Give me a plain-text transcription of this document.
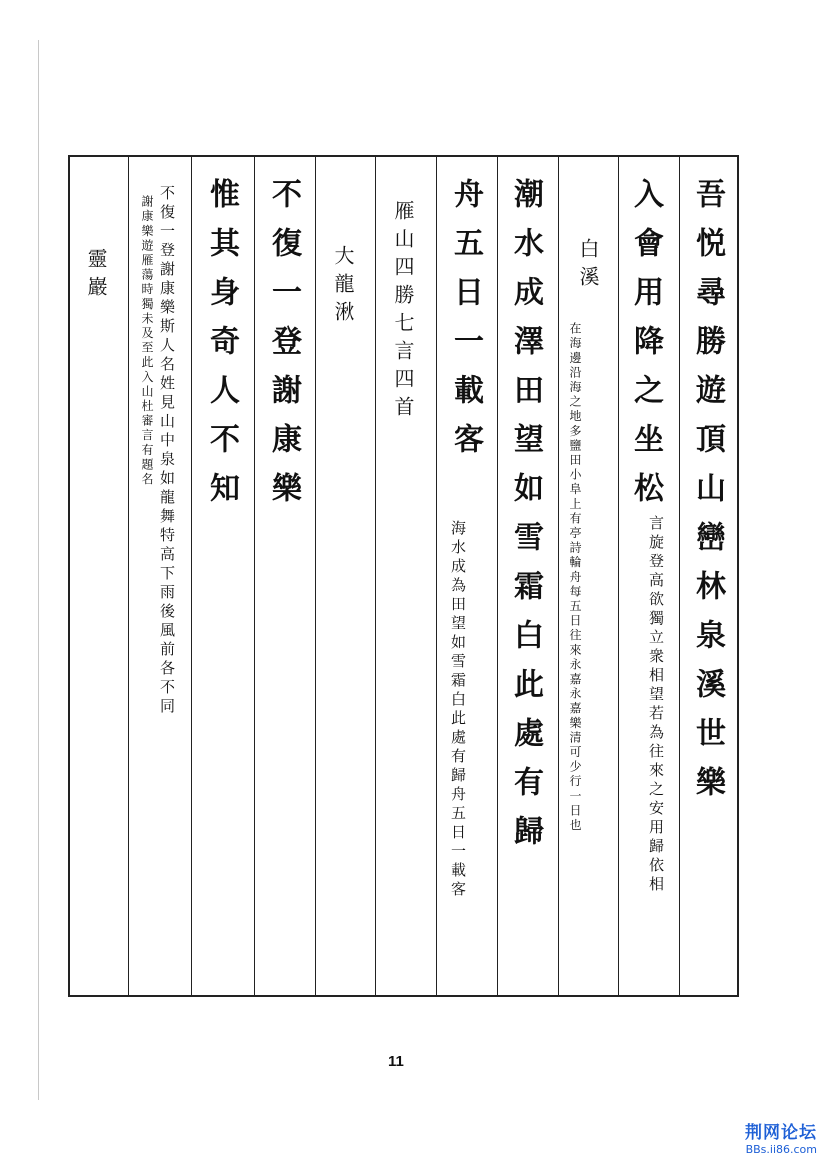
吾悦尋勝遊頂山巒林泉溪世樂
入會用降之坐松
言旋登高欲獨立衆相望若為往來之安用歸依相
白溪
在海邊沿海之地多鹽田小阜上有亭詩輪舟每五日往來永嘉永嘉樂清可少行一日也
潮水成澤田望如雪霜白此處有歸
舟五日一載客
海水成為田望如雪霜白此處有歸舟五日一載客
雁山四勝七言四首
大龍湫
不復一登謝康樂
惟其身奇人不知
不復一登謝康樂斯人名姓見山中泉如龍舞特高下雨後風前各不同
謝康樂遊雁蕩時獨未及至此入山杜審言有題名
靈巖
11
荆网论坛
BBs.ii86.com
